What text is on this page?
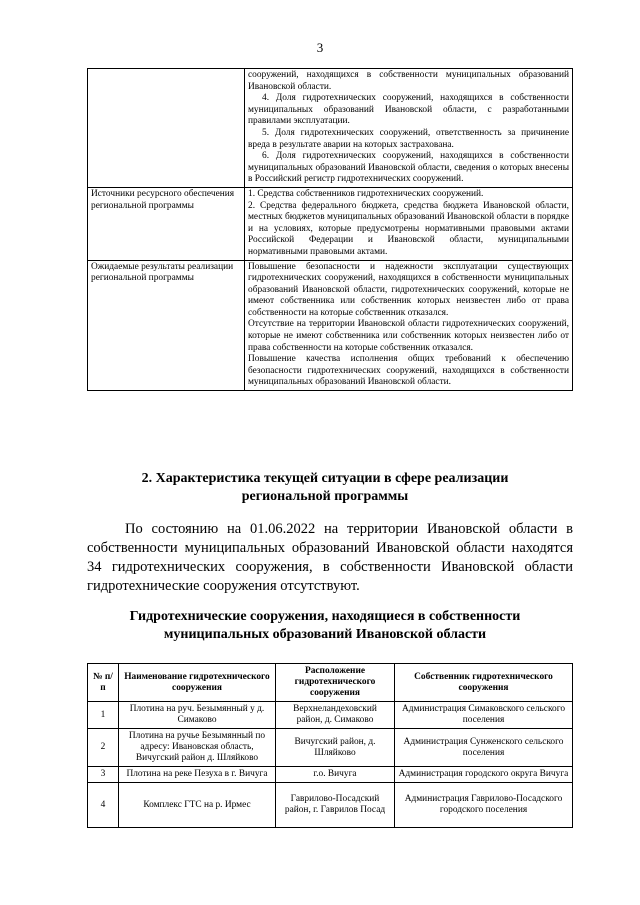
3

	сооружений, находящихся в собственности муниципальных образований Ивановской области.

4. Доля гидротехнических сооружений, находящихся в собственности муниципальных образований Ивановской области, с разработанными правилами эксплуатации.

5. Доля гидротехнических сооружений, ответственность за причинение вреда в результате аварии на которых застрахована.

6. Доля гидротехнических сооружений, находящихся в собственности муниципальных образований Ивановской области, сведения о которых внесены в Российский регистр гидротехнических сооружений.

Источники ресурсного обеспечения региональной программы	1. Средства собственников гидротехнических сооружений.

2. Средства федерального бюджета, средства бюджета Ивановской области, местных бюджетов муниципальных образований Ивановской области в порядке и на условиях, которые предусмотрены нормативными правовыми актами Российской Федерации и Ивановской области, муниципальными нормативными правовыми актами.

Ожидаемые результаты реализации региональной программы	Повышение безопасности и надежности эксплуатации существующих гидротехнических сооружений, находящихся в собственности муниципальных образований Ивановской области, гидротехнических сооружений, которые не имеют собственника или собственник которых неизвестен либо от права собственности на которые собственник отказался.

Отсутствие на территории Ивановской области гидротехнических сооружений, которые не имеют собственника или собственник которых неизвестен либо от права собственности на которые собственник отказался.

Повышение качества исполнения общих требований к обеспечению безопасности гидротехнических сооружений, находящихся в собственности муниципальных образований Ивановской области.

2. Характеристика текущей ситуации в сфере реализации
региональной программы

По состоянию на 01.06.2022 на территории Ивановской области в собственности муниципальных образований Ивановской области находятся 34 гидротехнических сооружения, в собственности Ивановской области гидротехнические сооружения отсутствуют.

Гидротехнические сооружения, находящиеся в собственности
муниципальных образований Ивановской области
№ п/п	Наименование гидротехнического сооружения	Расположение гидротехнического сооружения	Собственник гидротехнического сооружения
1	Плотина на руч. Безымянный у д. Симаково	Верхнеландеховский район, д. Симаково	Администрация Симаковского сельского поселения
2	Плотина на ручье Безымянный по адресу: Ивановская область, Вичугский район д. Шляйково	Вичугский район, д. Шляйково	Администрация Сунженского сельского поселения
3	Плотина на реке Пезуха в г. Вичуга	г.о. Вичуга	Администрация городского округа Вичуга
4	Комплекс ГТС на р. Ирмес	Гаврилово-Посадский район, г. Гаврилов Посад	Администрация Гаврилово-Посадского городского поселения
